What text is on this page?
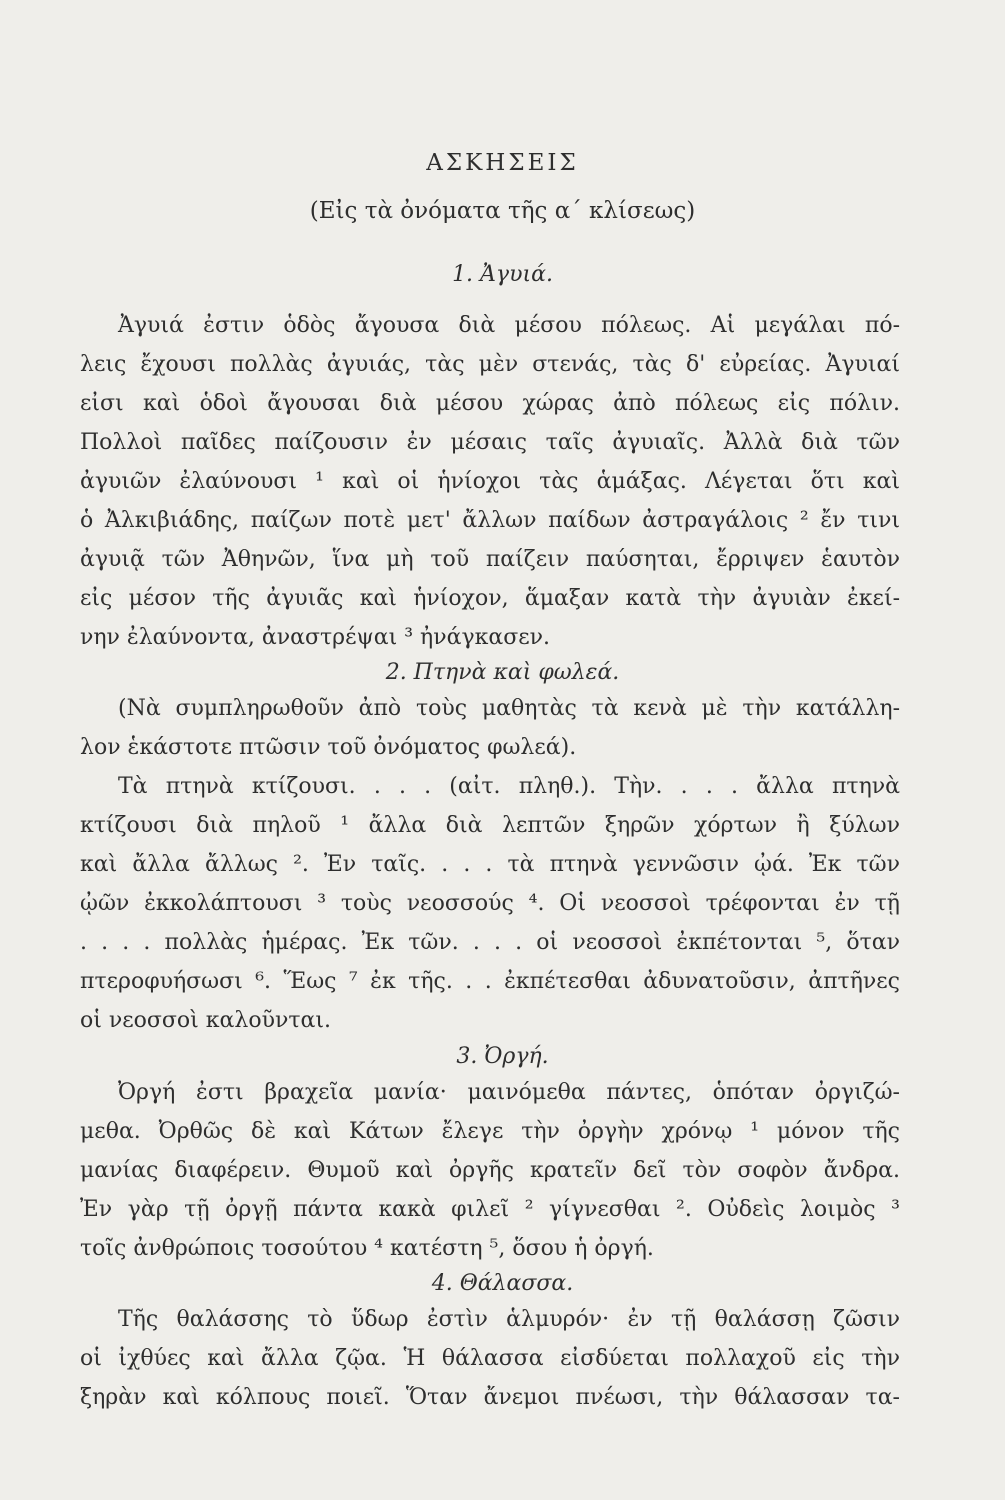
ΑΣΚΗΣΕΙΣ
(Εἰς τὰ ὀνόματα τῆς α΄ κλίσεως)
1. Ἀγυιά.
Ἀγυιά ἐστιν ὁδὸς ἄγουσα διὰ μέσου πόλεως. Αἱ μεγάλαι πό-
λεις ἔχουσι πολλὰς ἀγυιάς, τὰς μὲν στενάς, τὰς δ' εὐρείας. Ἀγυιαί
εἰσι καὶ ὁδοὶ ἄγουσαι διὰ μέσου χώρας ἀπὸ πόλεως εἰς πόλιν.
Πολλοὶ παῖδες παίζουσιν ἐν μέσαις ταῖς ἀγυιαῖς. Ἀλλὰ διὰ τῶν
ἀγυιῶν ἐλαύνουσι ¹ καὶ οἱ ἡνίοχοι τὰς ἁμάξας. Λέγεται ὅτι καὶ
ὁ Ἀλκιβιάδης, παίζων ποτὲ μετ' ἄλλων παίδων ἀστραγάλοις ² ἔν τινι
ἀγυιᾷ τῶν Ἀθηνῶν, ἵνα μὴ τοῦ παίζειν παύσηται, ἔρριψεν ἑαυτὸν
εἰς μέσον τῆς ἀγυιᾶς καὶ ἡνίοχον, ἅμαξαν κατὰ τὴν ἀγυιὰν ἐκεί-
νην ἐλαύνοντα, ἀναστρέψαι ³ ἠνάγκασεν.
2. Πτηνὰ καὶ φωλεά.
(Νὰ συμπληρωθοῦν ἀπὸ τοὺς μαθητὰς τὰ κενὰ μὲ τὴν κατάλλη-
λον ἑκάστοτε πτῶσιν τοῦ ὀνόματος φωλεά).
Τὰ πτηνὰ κτίζουσι. . . . (αἰτ. πληθ.). Τὴν. . . . ἄλλα πτηνὰ
κτίζουσι διὰ πηλοῦ ¹ ἄλλα διὰ λεπτῶν ξηρῶν χόρτων ἢ ξύλων
καὶ ἄλλα ἄλλως ². Ἐν ταῖς. . . . τὰ πτηνὰ γεννῶσιν ᾠά. Ἐκ τῶν
ᾠῶν ἐκκολάπτουσι ³ τοὺς νεοσσούς ⁴. Οἱ νεοσσοὶ τρέφονται ἐν τῇ
. . . . πολλὰς ἡμέρας. Ἐκ τῶν. . . . οἱ νεοσσοὶ ἐκπέτονται ⁵, ὅταν
πτεροφυήσωσι ⁶. Ἕως ⁷ ἐκ τῆς. . . ἐκπέτεσθαι ἀδυνατοῦσιν, ἀπτῆνες
οἱ νεοσσοὶ καλοῦνται.
3. Ὀργή.
Ὀργή ἐστι βραχεῖα μανία· μαινόμεθα πάντες, ὁπόταν ὀργιζώ-
μεθα. Ὀρθῶς δὲ καὶ Κάτων ἔλεγε τὴν ὀργὴν χρόνῳ ¹ μόνον τῆς
μανίας διαφέρειν. Θυμοῦ καὶ ὀργῆς κρατεῖν δεῖ τὸν σοφὸν ἄνδρα.
Ἐν γὰρ τῇ ὀργῇ πάντα κακὰ φιλεῖ ² γίγνεσθαι ². Οὐδεὶς λοιμὸς ³
τοῖς ἀνθρώποις τοσούτου ⁴ κατέστη ⁵, ὅσου ἡ ὀργή.
4. Θάλασσα.
Τῆς θαλάσσης τὸ ὕδωρ ἐστὶν ἁλμυρόν· ἐν τῇ θαλάσσῃ ζῶσιν
οἱ ἰχθύες καὶ ἄλλα ζῷα. Ἡ θάλασσα εἰσδύεται πολλαχοῦ εἰς τὴν
ξηρὰν καὶ κόλπους ποιεῖ. Ὅταν ἄνεμοι πνέωσι, τὴν θάλασσαν τα-
